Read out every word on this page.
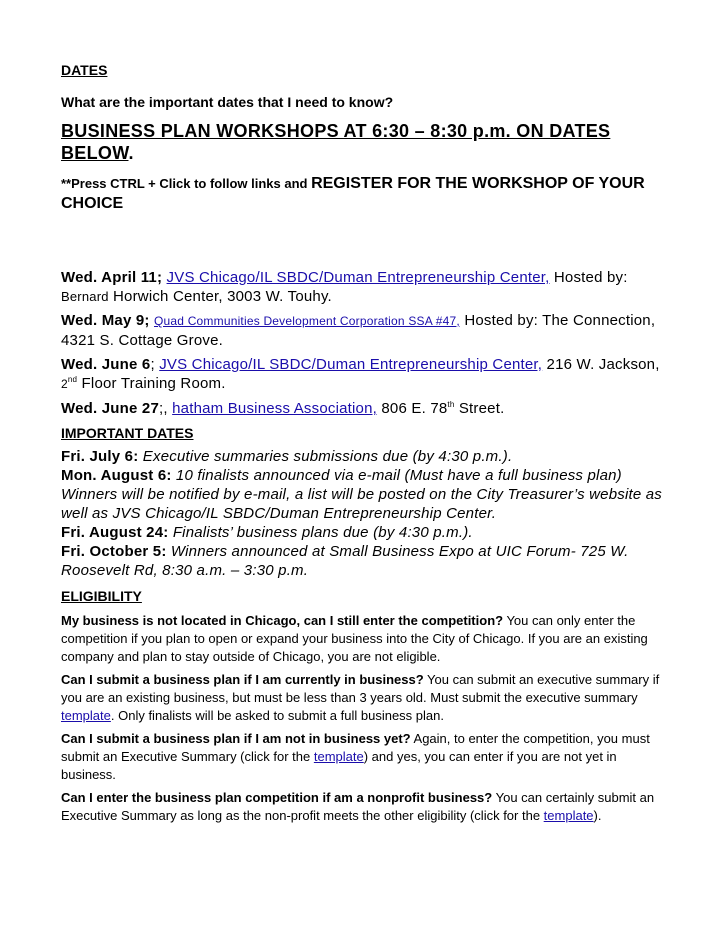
DATES

What are the important dates that I need to know?

BUSINESS PLAN WORKSHOPS AT 6:30 – 8:30 p.m. ON DATES BELOW.

**Press CTRL + Click to follow links and REGISTER FOR THE WORKSHOP OF YOUR CHOICE

Wed. April 11; JVS Chicago/IL SBDC/Duman Entrepreneurship Center, Hosted by: Bernard Horwich Center, 3003 W. Touhy.

Wed. May 9; Quad Communities Development Corporation SSA #47, Hosted by: The Connection, 4321 S. Cottage Grove.

Wed. June 6; JVS Chicago/IL SBDC/Duman Entrepreneurship Center, 216 W. Jackson, 2nd Floor Training Room.

Wed. June 27;, hatham Business Association, 806 E. 78th Street.

IMPORTANT DATES

Fri. July 6: Executive summaries submissions due (by 4:30 p.m.).
Mon. August 6: 10 finalists announced via e-mail (Must have a full business plan) Winners will be notified by e-mail, a list will be posted on the City Treasurer’s website as well as JVS Chicago/IL SBDC/Duman Entrepreneurship Center.
Fri. August 24: Finalists’ business plans due (by 4:30 p.m.).
Fri. October 5: Winners announced at Small Business Expo at UIC Forum- 725 W. Roosevelt Rd, 8:30 a.m. – 3:30 p.m.

ELIGIBILITY

My business is not located in Chicago, can I still enter the competition? You can only enter the competition if you plan to open or expand your business into the City of Chicago. If you are an existing company and plan to stay outside of Chicago, you are not eligible.

Can I submit a business plan if I am currently in business? You can submit an executive summary if you are an existing business, but must be less than 3 years old. Must submit the executive summary template. Only finalists will be asked to submit a full business plan.

Can I submit a business plan if I am not in business yet? Again, to enter the competition, you must submit an Executive Summary (click for the template) and yes, you can enter if you are not yet in business.

Can I enter the business plan competition if am a nonprofit business? You can certainly submit an Executive Summary as long as the non-profit meets the other eligibility (click for the template).
